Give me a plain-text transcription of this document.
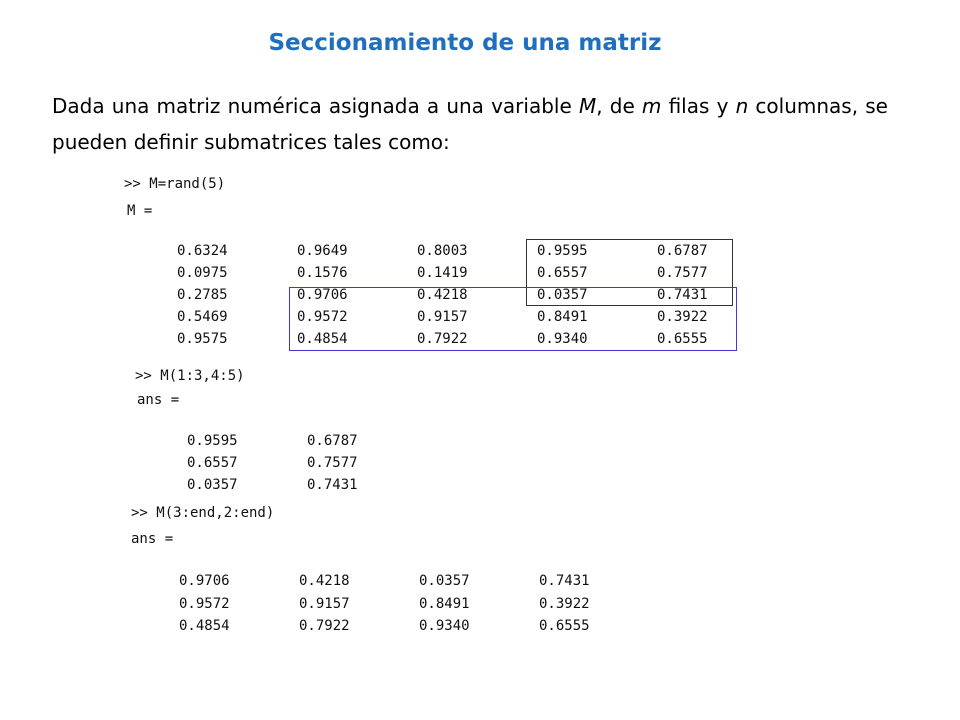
Seccionamiento de una matriz
Dada una matriz numérica asignada a una variable M, de m filas y n columnas, se pueden definir submatrices tales como:
>> M=rand(5)
M =
0.6324	0.9649	0.8003	0.9595	0.6787
0.0975	0.1576	0.1419	0.6557	0.7577
0.2785	0.9706	0.4218	0.0357	0.7431
0.5469	0.9572	0.9157	0.8491	0.3922
0.9575	0.4854	0.7922	0.9340	0.6555
>> M(1:3,4:5)
ans =
0.9595	0.6787
0.6557	0.7577
0.0357	0.7431
>> M(3:end,2:end)
ans =
0.9706	0.4218	0.0357	0.7431
0.9572	0.9157	0.8491	0.3922
0.4854	0.7922	0.9340	0.6555
